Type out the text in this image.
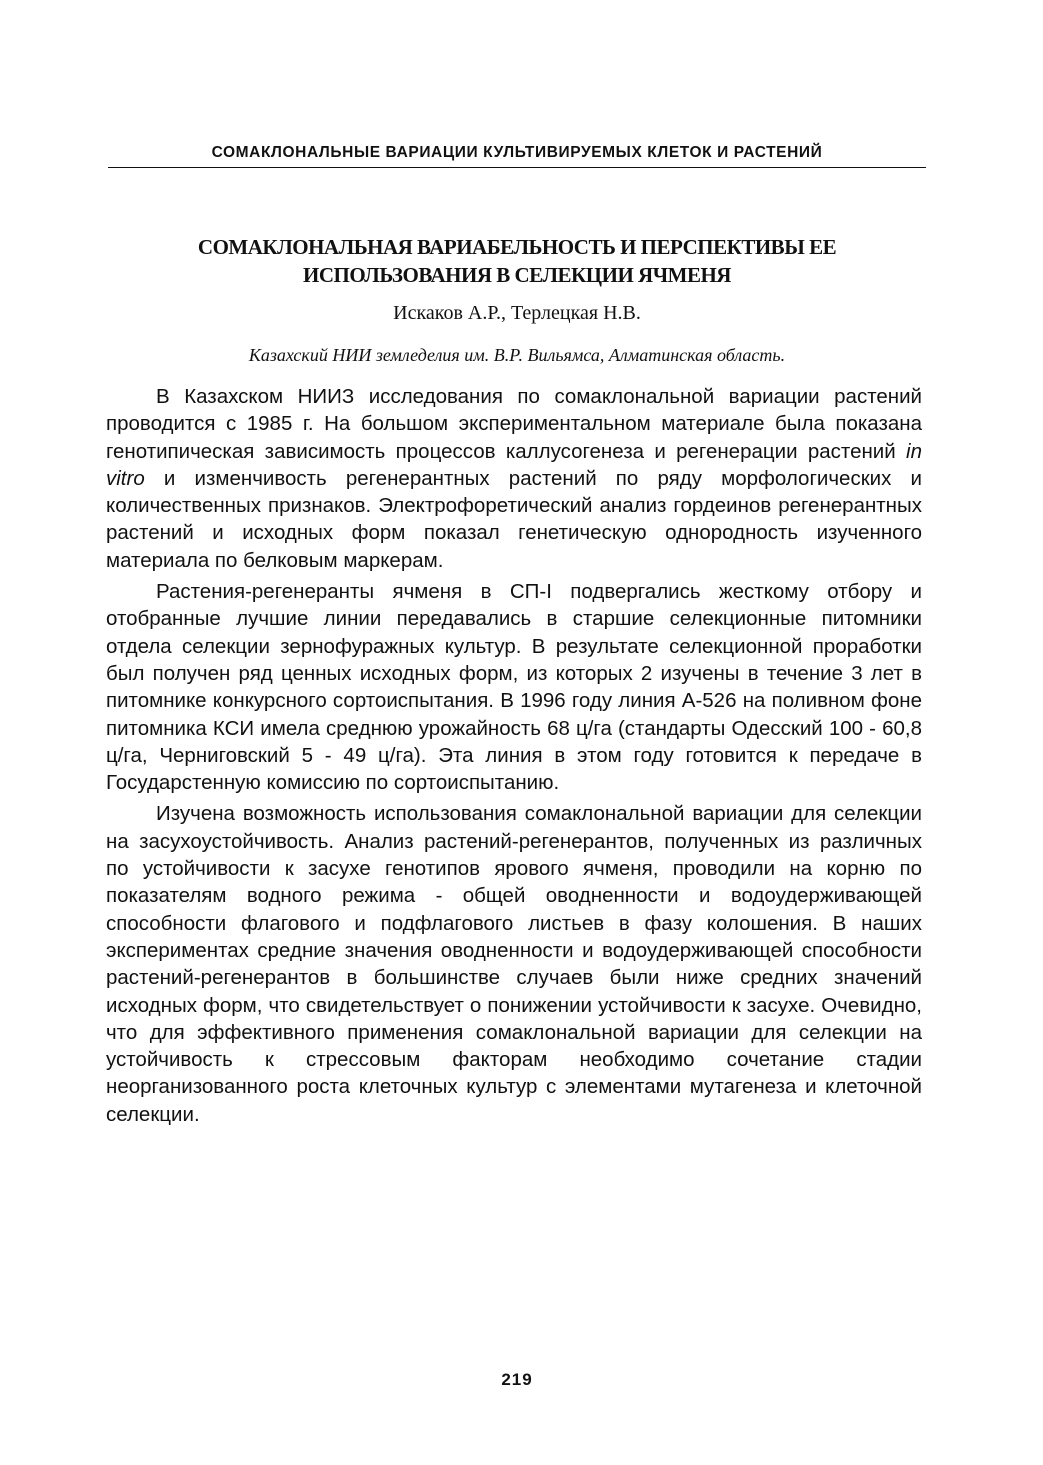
СОМАКЛОНАЛЬНЫЕ ВАРИАЦИИ КУЛЬТИВИРУЕМЫХ КЛЕТОК И РАСТЕНИЙ
СОМАКЛОНАЛЬНАЯ ВАРИАБЕЛЬНОСТЬ И ПЕРСПЕКТИВЫ ЕЕ
ИСПОЛЬЗОВАНИЯ В СЕЛЕКЦИИ ЯЧМЕНЯ
Искаков А.Р., Терлецкая Н.В.
Казахский НИИ земледелия им. В.Р. Вильямса, Алматинская область.

В Казахском НИИЗ исследования по сомаклональной вариации растений проводится с 1985 г. На большом экспериментальном материале была показана генотипическая зависимость процессов каллусогенеза и регенерации растений in vitro и изменчивость регенерантных растений по ряду морфологических и количественных признаков. Электрофоретический анализ гордеинов регенерантных растений и исходных форм показал генетическую однородность изученного материала по белковым маркерам.

Растения-регенеранты ячменя в СП-I подвергались жесткому отбору и отобранные лучшие линии передавались в старшие селекционные питомники отдела селекции зернофуражных культур. В результате селекционной проработки был получен ряд ценных исходных форм, из которых 2 изучены в течение 3 лет в питомнике конкурсного сортоиспытания. В 1996 году линия А-526 на поливном фоне питомника КСИ имела среднюю урожайность 68 ц/га (стандарты Одесский 100 - 60,8 ц/га, Черниговский 5 - 49 ц/га). Эта линия в этом году готовится к передаче в Государстенную комиссию по сортоиспытанию.

Изучена возможность использования сомаклональной вариации для селекции на засухоустойчивость. Анализ растений-регенерантов, полученных из различных по устойчивости к засухе генотипов ярового ячменя, проводили на корню по показателям водного режима - общей оводненности и водоудерживающей способности флагового и подфлагового листьев в фазу колошения. В наших экспериментах средние значения оводненности и водоудерживающей способности растений-регенерантов в большинстве случаев были ниже средних значений исходных форм, что свидетельствует о понижении устойчивости к засухе. Очевидно, что для эффективного применения сомаклональной вариации для селекции на устойчивость к стрессовым факторам необходимо сочетание стадии неорганизованного роста клеточных культур с элементами мутагенеза и клеточной селекции.

219
